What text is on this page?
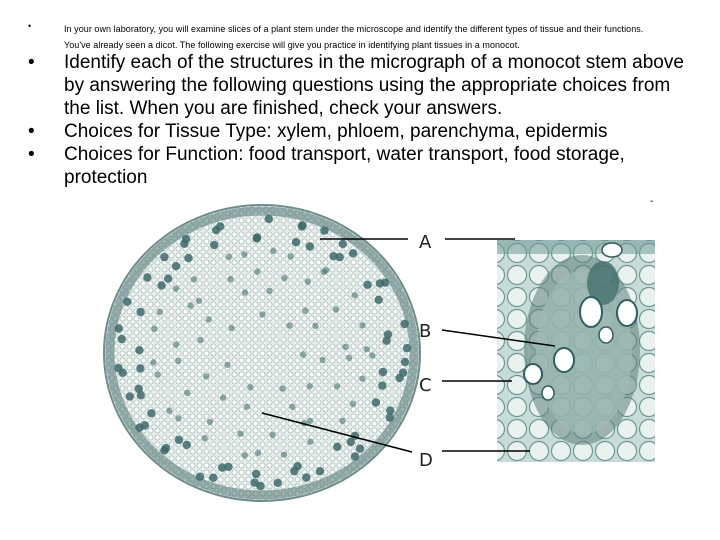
•	In your own laboratory, you will examine slices of a plant stem under the microscope and identify the different types of tissue and their functions. You've already seen a dicot. The following exercise will give you practice in identifying plant tissues in a monocot.
•	Identify each of the structures in the micrograph of a monocot stem above by answering the following questions using the appropriate choices from the list. When you are finished, check your answers.
•	Choices for Tissue Type: xylem, phloem, parenchyma, epidermis
•	Choices for Function: food transport, water transport, food storage, protection
-
A
B
C
D
